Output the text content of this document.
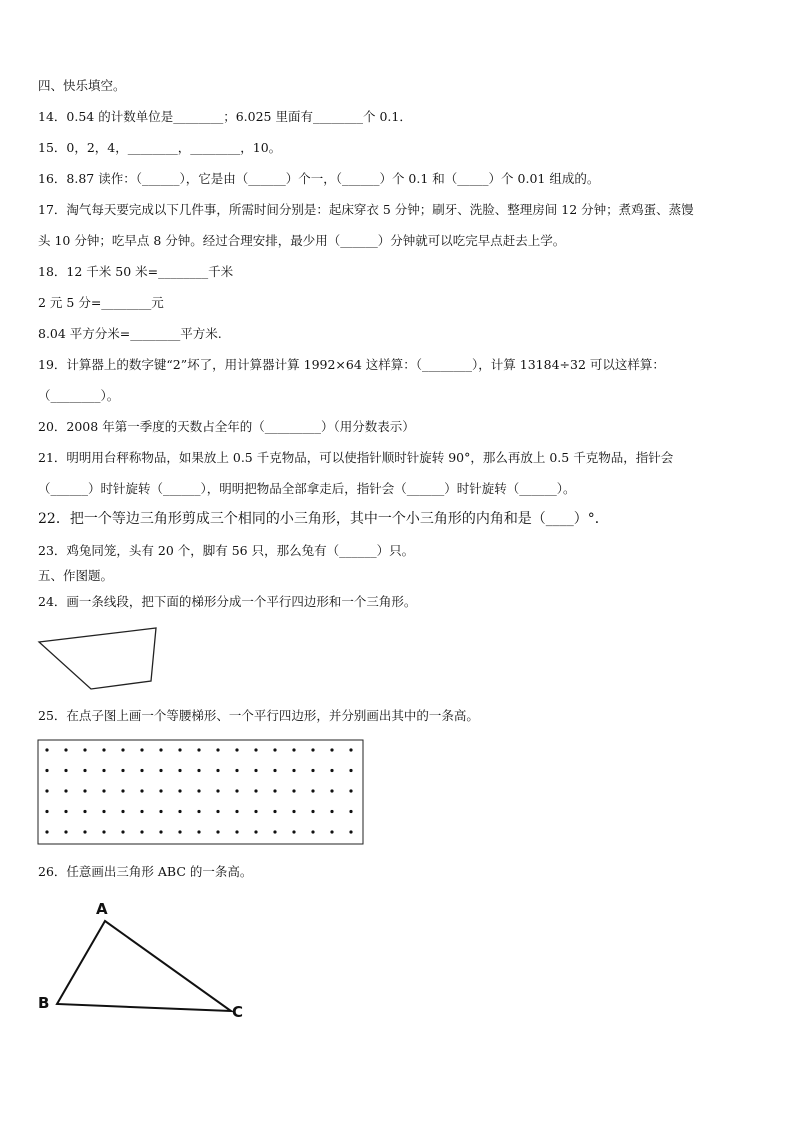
四、快乐填空。
14．0.54 的计数单位是________；6.025 里面有________个 0.1．
15．0，2，4，________，________，10。
16．8.87 读作：（______），它是由（______）个一，（______）个 0.1 和（_____）个 0.01 组成的。
17．淘气每天要完成以下几件事，所需时间分别是：起床穿衣 5 分钟；刷牙、洗脸、整理房间 12 分钟；煮鸡蛋、蒸馒
头 10 分钟；吃早点 8 分钟。经过合理安排，最少用（______）分钟就可以吃完早点赶去上学。
18．12 千米 50 米=________千米
2 元 5 分=________元
8.04 平方分米=________平方米.
19．计算器上的数字键“2”坏了，用计算器计算 1992×64 这样算：（________），计算 13184÷32 可以这样算：
（________）。
20．2008 年第一季度的天数占全年的（_________）（用分数表示）
21．明明用台秤称物品，如果放上 0.5 千克物品，可以使指针顺时针旋转 90°，那么再放上 0.5 千克物品，指针会
（______）时针旋转（______），明明把物品全部拿走后，指针会（______）时针旋转（______）。
22．把一个等边三角形剪成三个相同的小三角形，其中一个小三角形的内角和是（____）°．
23．鸡兔同笼，头有 20 个，脚有 56 只，那么兔有（______）只。
五、作图题。
24．画一条线段，把下面的梯形分成一个平行四边形和一个三角形。
25．在点子图上画一个等腰梯形、一个平行四边形，并分别画出其中的一条高。
26．任意画出三角形 ABC 的一条高。
A
B	C
